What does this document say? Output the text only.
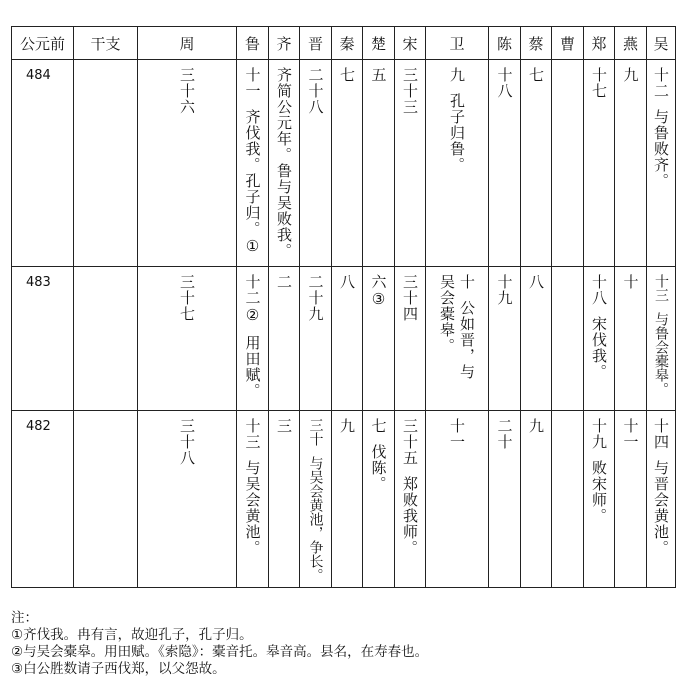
公元前	干支	周	鲁	齐	晋	秦	楚	宋	卫	陈	蔡	曹	郑	燕	吴

484		三十六	十一齐伐我。孔子归。①	齐简公元年。鲁与吴败我。	二十八	七	五	三十三	九孔子归鲁。	十八	七		十七	九	十二与鲁败齐。

483		三十七	十二②用田赋。	二	二十九	八	六③	三十四	十公如晋，与吴会橐皋。	十九	八		十八宋伐我。	十	十三与鲁会橐皋。

482		三十八	十三与吴会黄池。	三	三十与吴会黄池，争长。	九	七伐陈。	三十五郑败我师。	十一	二十	九		十九败宋师。	十一	十四与晋会黄池。
注：
①齐伐我。冉有言，故迎孔子，孔子归。
②与吴会橐皋。用田赋。《索隐》：橐音托。皋音高。县名，在寿春也。
③白公胜数请子西伐郑，以父怨故。
